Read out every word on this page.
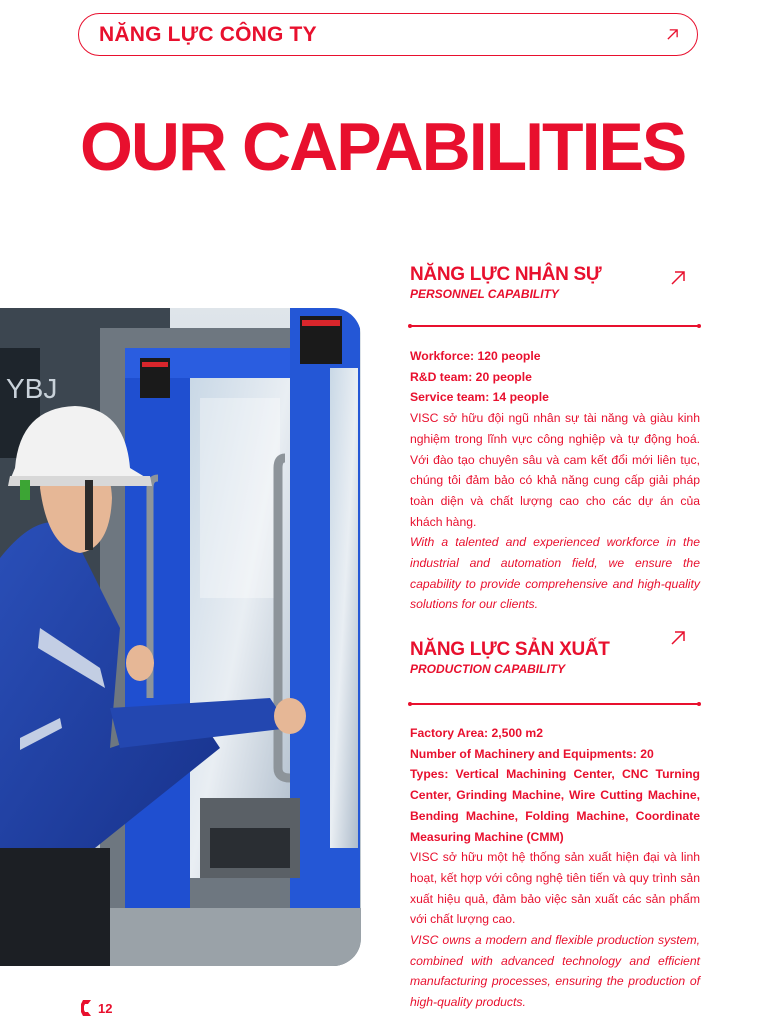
NĂNG LỰC CÔNG TY
OUR CAPABILITIES
YBJ
NĂNG LỰC NHÂN SỰ
PERSONNEL CAPABILITY

Workforce: 120 people

R&D team: 20 people

Service team: 14 people

VISC sở hữu đội ngũ nhân sự tài năng và giàu kinh nghiệm trong lĩnh vực công nghiệp và tự động hoá. Với đào tạo chuyên sâu và cam kết đổi mới liên tục, chúng tôi đảm bảo có khả năng cung cấp giải pháp toàn diện và chất lượng cao cho các dự án của khách hàng.

With a talented and experienced workforce in the industrial and automation field, we ensure the capability to provide comprehensive and high-quality solutions for our clients.

NĂNG LỰC SẢN XUẤT
PRODUCTION CAPABILITY

Factory Area: 2,500 m2

Number of Machinery and Equipments: 20

Types: Vertical Machining Center, CNC Turning Center, Grinding Machine, Wire Cutting Machine, Bending Machine, Folding Machine, Coordinate Measuring Machine (CMM)

VISC sở hữu một hệ thống sản xuất hiện đại và linh hoạt, kết hợp với công nghệ tiên tiến và quy trình sản xuất hiệu quả, đảm bảo việc sản xuất các sản phẩm với chất lượng cao.

VISC owns a modern and flexible production system, combined with advanced technology and efficient manufacturing processes, ensuring the production of high-quality products.

12
